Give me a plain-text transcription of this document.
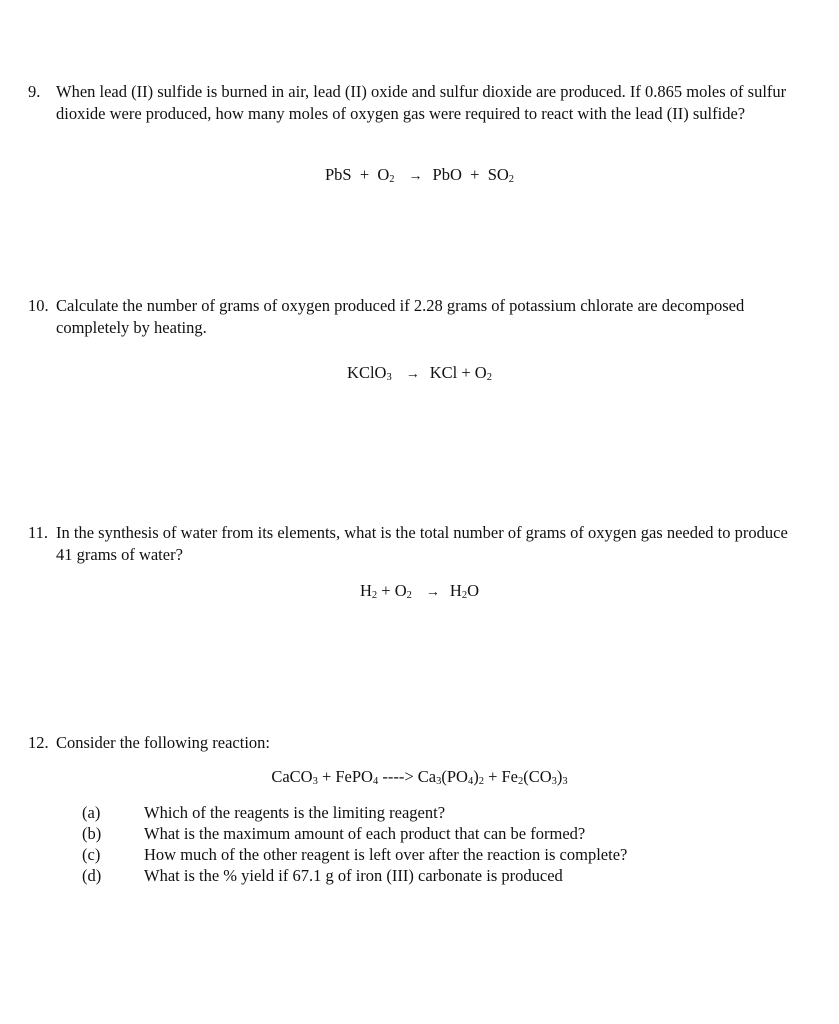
9. When lead (II) sulfide is burned in air, lead (II) oxide and sulfur dioxide are produced. If 0.865 moles of sulfur dioxide were produced, how many moles of oxygen gas were required to react with the lead (II) sulfide?
PbS + $O_2$ → PbO + $SO_2$
10. Calculate the number of grams of oxygen produced if 2.28 grams of potassium chlorate are decomposed completely by heating.
KClO$_3$ → KCl + $O_2$
11. In the synthesis of water from its elements, what is the total number of grams of oxygen gas needed to produce 41 grams of water?
$H_2 + O_2 \to H_2O$
12. Consider the following reaction:
CaCO$_3$ + FePO$_4$ ----> $Ca_3(PO_4)_2 + Fe_2(CO_3)_3$
(a)	Which of the reagents is the limiting reagent?
(b)	What is the maximum amount of each product that can be formed?
(c)	How much of the other reagent is left over after the reaction is complete?
(d)	What is the % yield if 67.1 g of iron (III) carbonate is produced
